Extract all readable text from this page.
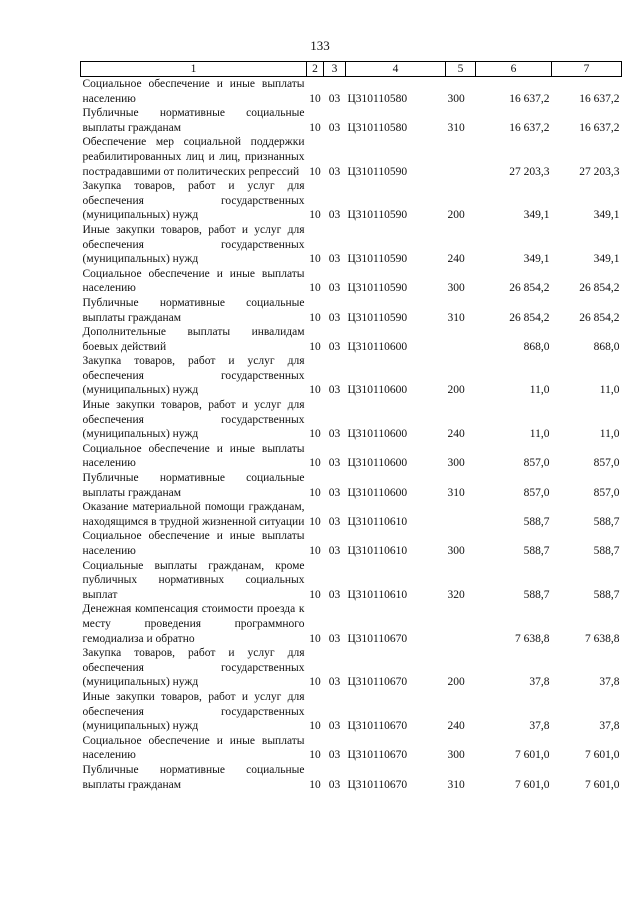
133
1	2	3	4	5	6	7
Социальное обеспечение и иные выплаты населению	10	03	Ц310110580	300	16 637,2	16 637,2
Публичные нормативные социальные выплаты гражданам	10	03	Ц310110580	310	16 637,2	16 637,2
Обеспечение мер социальной поддержки реабилитированных лиц и лиц, признанных пострадавшими от политических репрессий	10	03	Ц310110590		27 203,3	27 203,3
Закупка товаров, работ и услуг для обеспечения государственных (муниципальных) нужд	10	03	Ц310110590	200	349,1	349,1
Иные закупки товаров, работ и услуг для обеспечения государственных (муниципальных) нужд	10	03	Ц310110590	240	349,1	349,1
Социальное обеспечение и иные выплаты населению	10	03	Ц310110590	300	26 854,2	26 854,2
Публичные нормативные социальные выплаты гражданам	10	03	Ц310110590	310	26 854,2	26 854,2
Дополнительные выплаты инвалидам боевых действий	10	03	Ц310110600		868,0	868,0
Закупка товаров, работ и услуг для обеспечения государственных (муниципальных) нужд	10	03	Ц310110600	200	11,0	11,0
Иные закупки товаров, работ и услуг для обеспечения государственных (муниципальных) нужд	10	03	Ц310110600	240	11,0	11,0
Социальное обеспечение и иные выплаты населению	10	03	Ц310110600	300	857,0	857,0
Публичные нормативные социальные выплаты гражданам	10	03	Ц310110600	310	857,0	857,0
Оказание материальной помощи гражданам, находящимся в трудной жизненной ситуации	10	03	Ц310110610		588,7	588,7
Социальное обеспечение и иные выплаты населению	10	03	Ц310110610	300	588,7	588,7
Социальные выплаты гражданам, кроме публичных нормативных социальных выплат	10	03	Ц310110610	320	588,7	588,7
Денежная компенсация стоимости проезда к месту проведения программного гемодиализа и обратно	10	03	Ц310110670		7 638,8	7 638,8
Закупка товаров, работ и услуг для обеспечения государственных (муниципальных) нужд	10	03	Ц310110670	200	37,8	37,8
Иные закупки товаров, работ и услуг для обеспечения государственных (муниципальных) нужд	10	03	Ц310110670	240	37,8	37,8
Социальное обеспечение и иные выплаты населению	10	03	Ц310110670	300	7 601,0	7 601,0
Публичные нормативные социальные выплаты гражданам	10	03	Ц310110670	310	7 601,0	7 601,0
